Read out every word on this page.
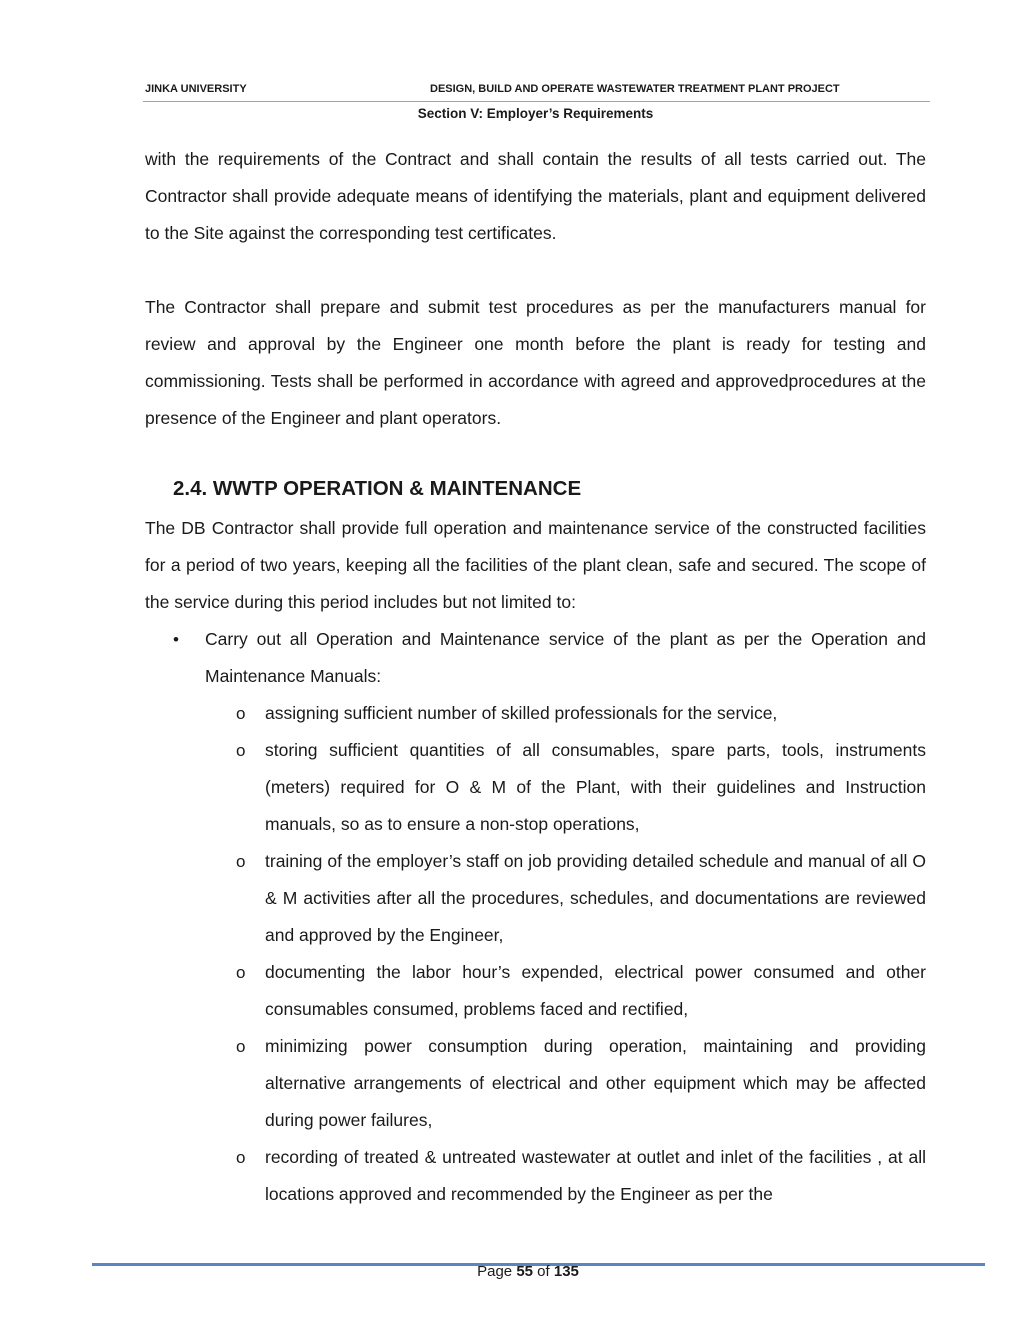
JINKA UNIVERSITY	DESIGN, BUILD AND OPERATE WASTEWATER TREATMENT PLANT PROJECT
Section V: Employer’s Requirements

with the requirements of the Contract and shall contain the results of all tests carried out. The Contractor shall provide adequate means of identifying the materials, plant and equipment delivered to the Site against the corresponding test certificates.

The Contractor shall prepare and submit test procedures as per the manufacturers manual for review and approval by the Engineer one month before the plant is ready for testing and commissioning. Tests shall be performed in accordance with agreed and approvedprocedures at the presence of the Engineer and plant operators.

2.4. WWTP OPERATION & MAINTENANCE

The DB Contractor shall provide full operation and maintenance service of the constructed facilities for a period of two years, keeping all the facilities of the plant clean, safe and secured. The scope of the service during this period includes but not limited to:

• Carry out all Operation and Maintenance service of the plant as per the Operation and Maintenance Manuals:
o assigning sufficient number of skilled professionals for the service,
o storing sufficient quantities of all consumables, spare parts, tools, instruments (meters) required for O & M of the Plant, with their guidelines and Instruction manuals, so as to ensure a non-stop operations,
o training of the employer’s staff on job providing detailed schedule and manual of all O & M activities after all the procedures, schedules, and documentations are reviewed and approved by the Engineer,
o documenting the labor hour’s expended, electrical power consumed and other consumables consumed, problems faced and rectified,
o minimizing power consumption during operation, maintaining and providing alternative arrangements of electrical and other equipment which may be affected during power failures,
o recording of treated & untreated wastewater at outlet and inlet of the facilities , at all locations approved and recommended by the Engineer as per the
Page 55 of 135
